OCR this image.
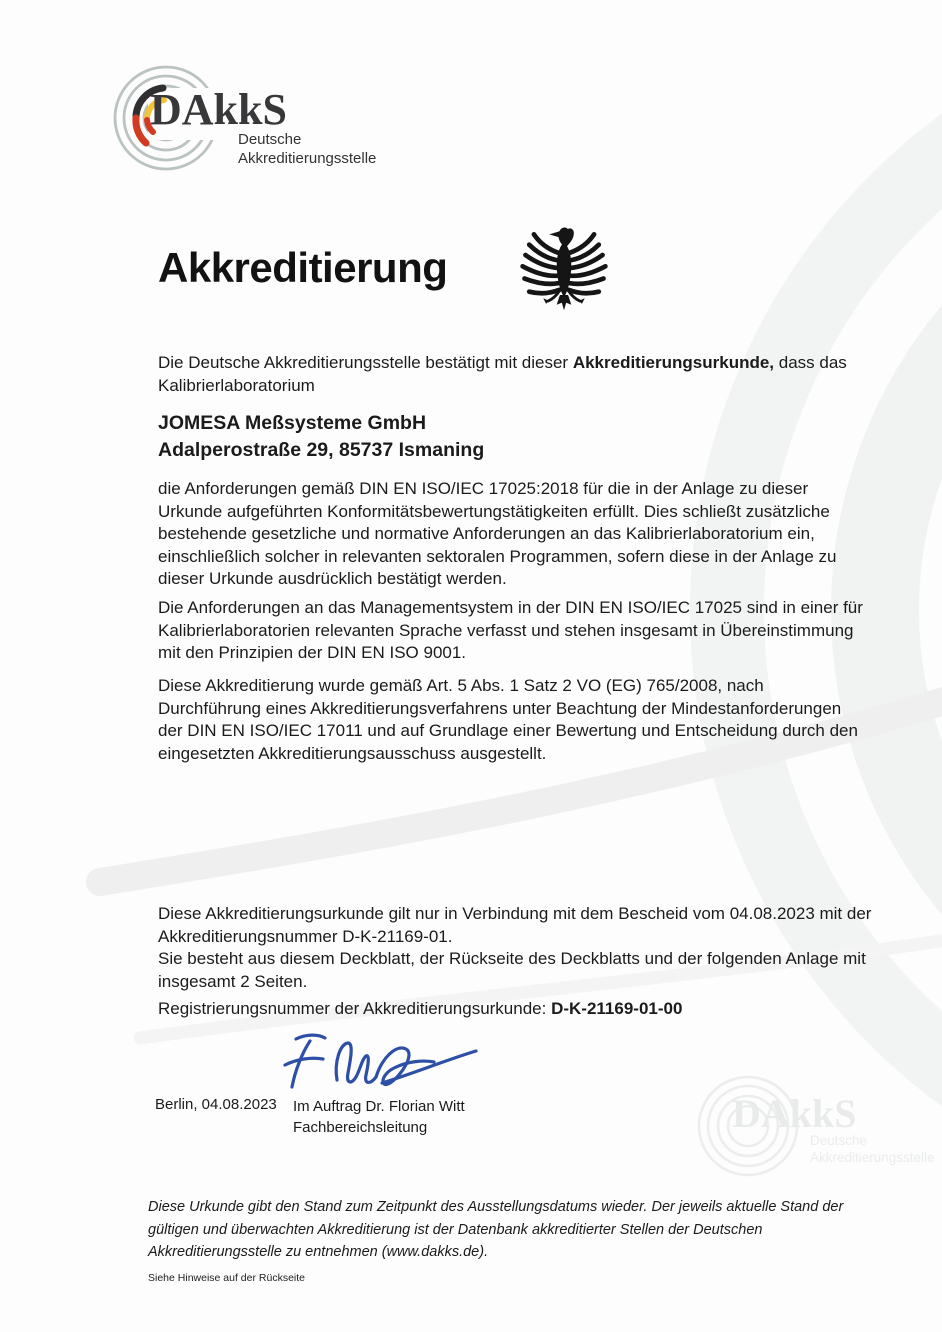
DAkkS
Deutsche
Akkreditierungsstelle
Akkreditierung

Die Deutsche Akkreditierungsstelle bestätigt mit dieser Akkreditierungsurkunde, dass das Kalibrierlaboratorium

JOMESA Meßsysteme GmbH
Adalperostraße 29, 85737 Ismaning

die Anforderungen gemäß DIN EN ISO/IEC 17025:2018 für die in der Anlage zu dieser Urkunde aufgeführten Konformitätsbewertungstätigkeiten erfüllt. Dies schließt zusätzliche bestehende gesetzliche und normative Anforderungen an das Kalibrierlaboratorium ein, einschließlich solcher in relevanten sektoralen Programmen, sofern diese in der Anlage zu dieser Urkunde ausdrücklich bestätigt werden.

Die Anforderungen an das Managementsystem in der DIN EN ISO/IEC 17025 sind in einer für Kalibrierlaboratorien relevanten Sprache verfasst und stehen insgesamt in Übereinstimmung mit den Prinzipien der DIN EN ISO 9001.

Diese Akkreditierung wurde gemäß Art. 5 Abs. 1 Satz 2 VO (EG) 765/2008, nach Durchführung eines Akkreditierungsverfahrens unter Beachtung der Mindestanforderungen der DIN EN ISO/IEC 17011 und auf Grundlage einer Bewertung und Entscheidung durch den eingesetzten Akkreditierungsausschuss ausgestellt.

Diese Akkreditierungsurkunde gilt nur in Verbindung mit dem Bescheid vom 04.08.2023 mit der Akkreditierungsnummer D-K-21169-01.
Sie besteht aus diesem Deckblatt, der Rückseite des Deckblatts und der folgenden Anlage mit insgesamt 2 Seiten.

Registrierungsnummer der Akkreditierungsurkunde: D-K-21169-01-00

Berlin, 04.08.2023 Im Auftrag Dr. Florian Witt
Fachbereichsleitung

Diese Urkunde gibt den Stand zum Zeitpunkt des Ausstellungsdatums wieder. Der jeweils aktuelle Stand der gültigen und überwachten Akkreditierung ist der Datenbank akkreditierter Stellen der Deutschen Akkreditierungsstelle zu entnehmen (www.dakks.de).

Siehe Hinweise auf der Rückseite
DAkkS
Deutsche
Akkreditierungsstelle
